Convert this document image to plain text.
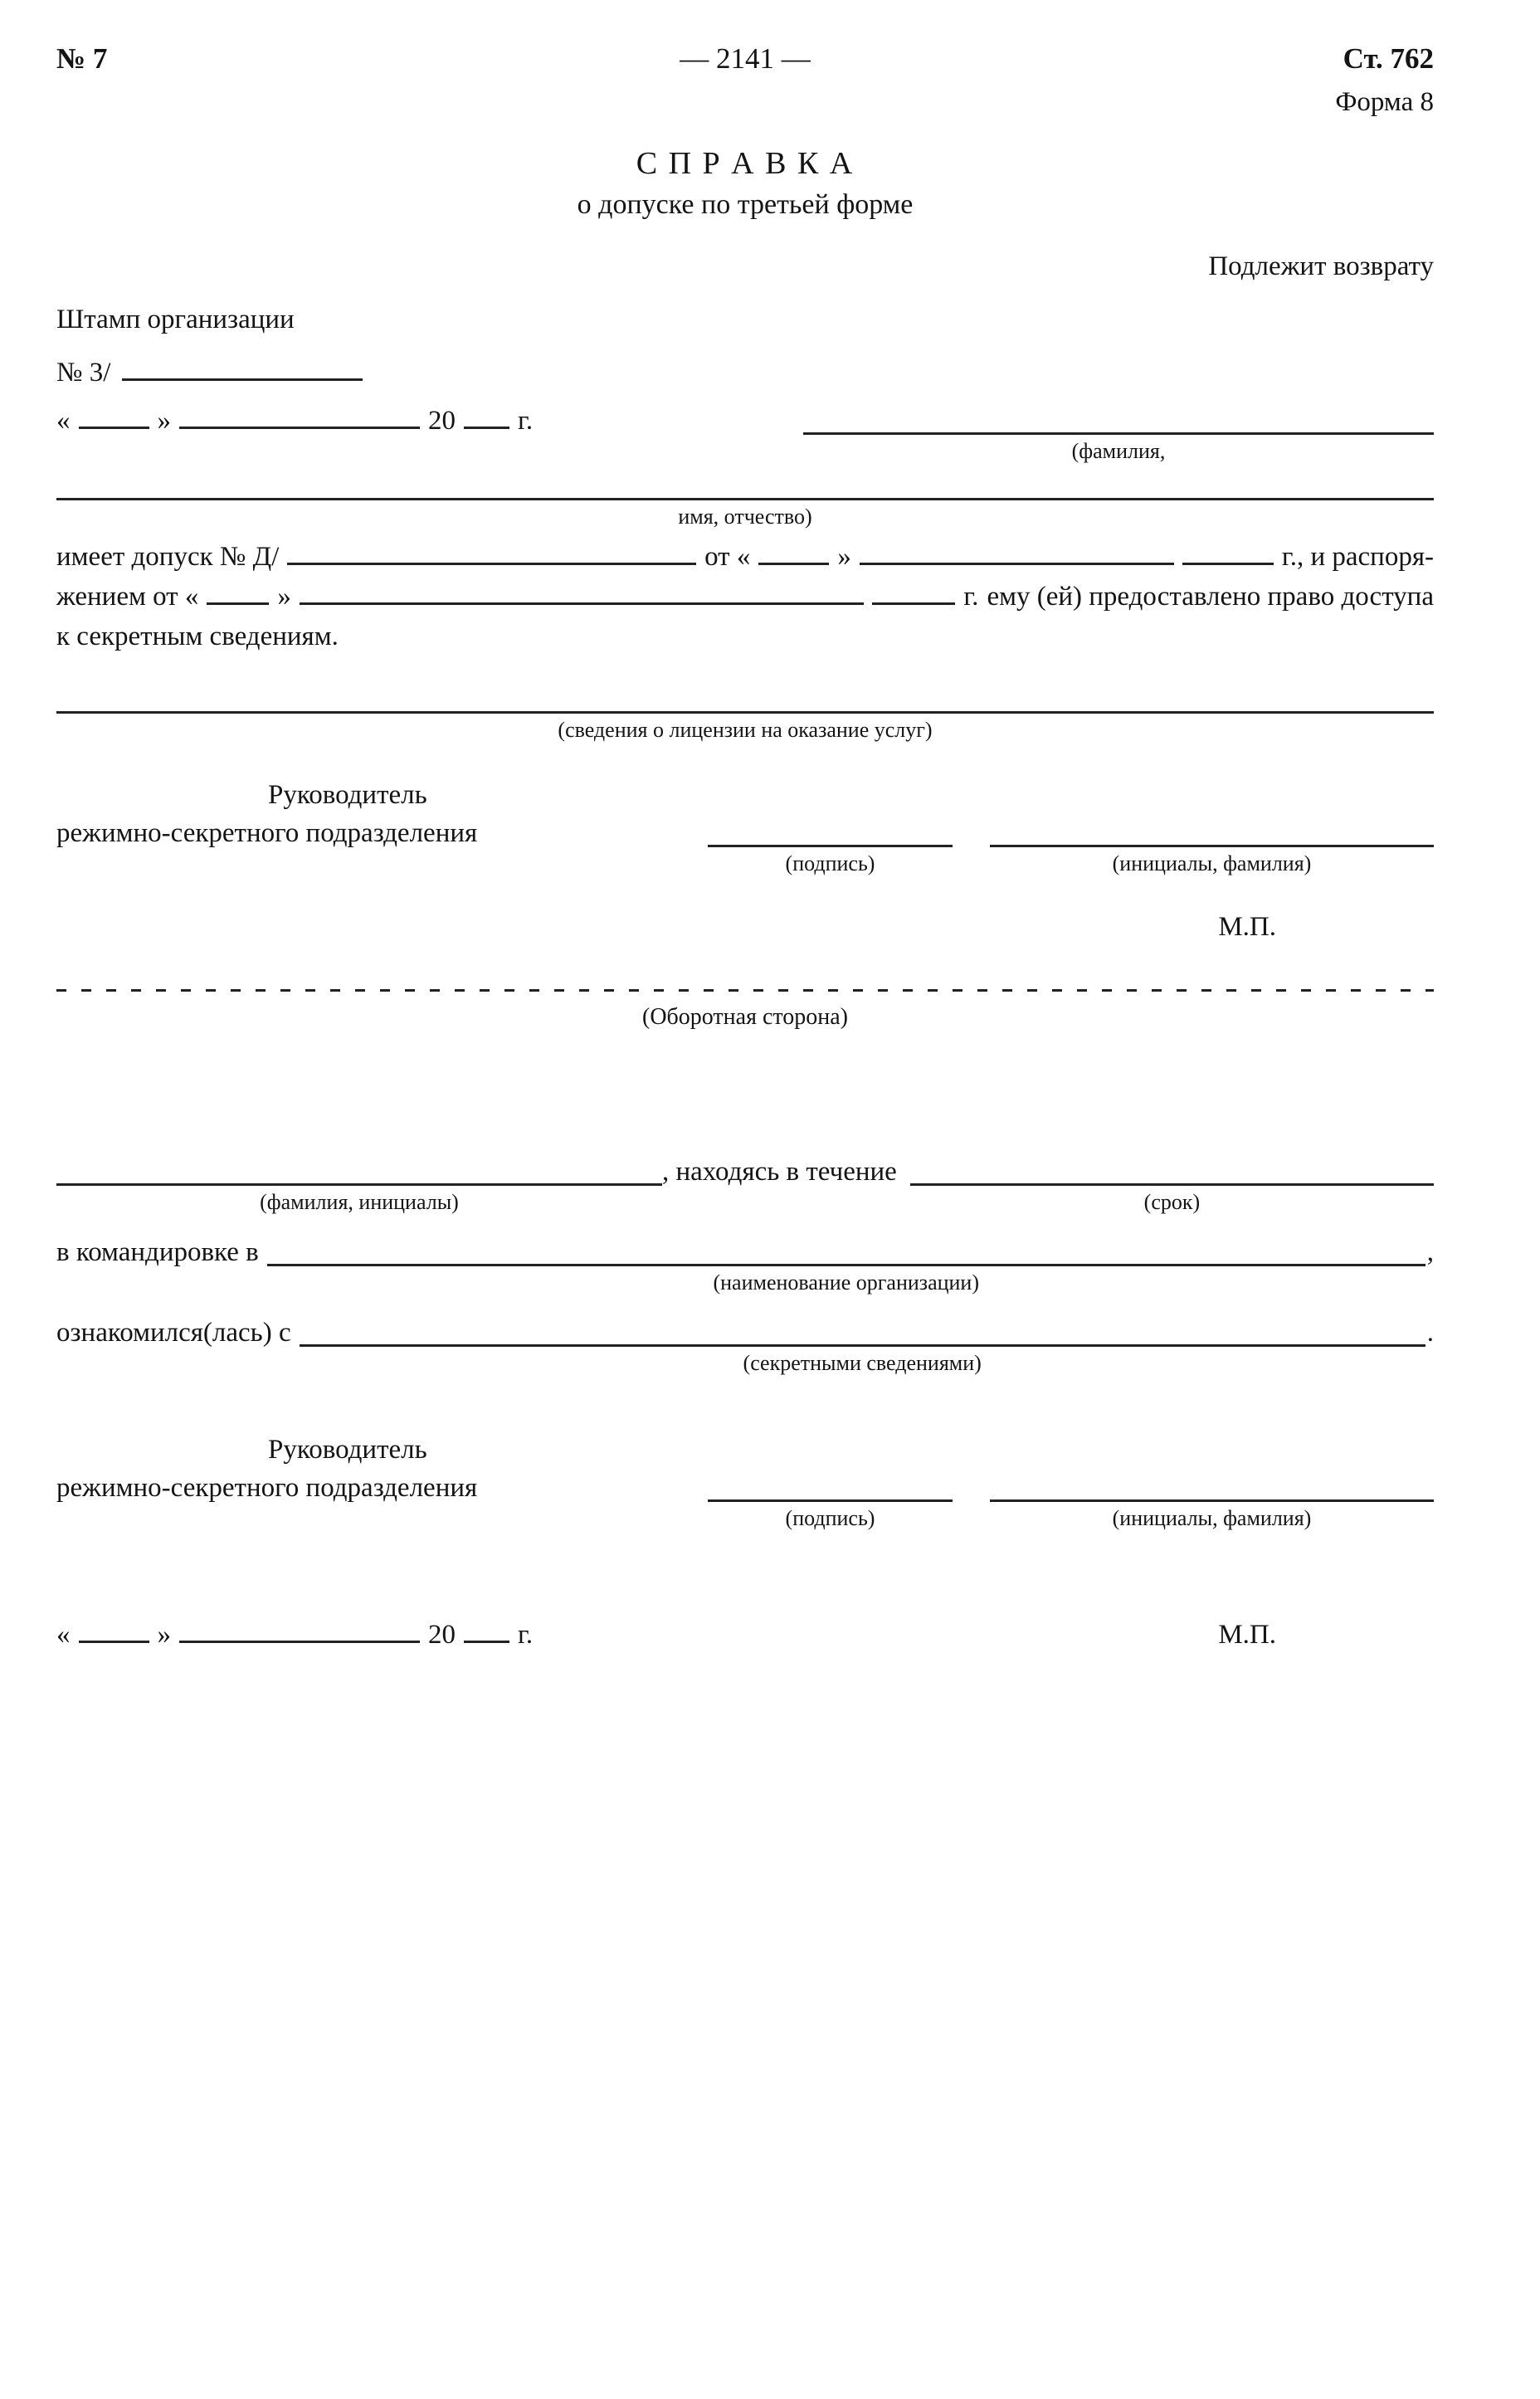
№ 7	— 2141 —	Ст. 762
Форма 8
С П Р А В К А
о допуске по третьей форме
Подлежит возврату
Штамп организации
№ 3/
«	»	20 г.
(фамилия,
имя, отчество)
имеет допуск № Д/	от «	»	г., и распоря-
жением от «	»	г. ему (ей) предоставлено право доступа
к секретным сведениям.
(сведения о лицензии на оказание услуг)
Руководитель
режимно-секретного подразделения
(подпись)	(инициалы, фамилия)
М.П.
(Оборотная сторона)
(фамилия, инициалы)
, находясь в течение
(срок)
в командировке в
(наименование организации)
,
ознакомился(лась) с
(секретными сведениями)
.
Руководитель
режимно-секретного подразделения
(подпись)	(инициалы, фамилия)
«	»	20 г.	М.П.
